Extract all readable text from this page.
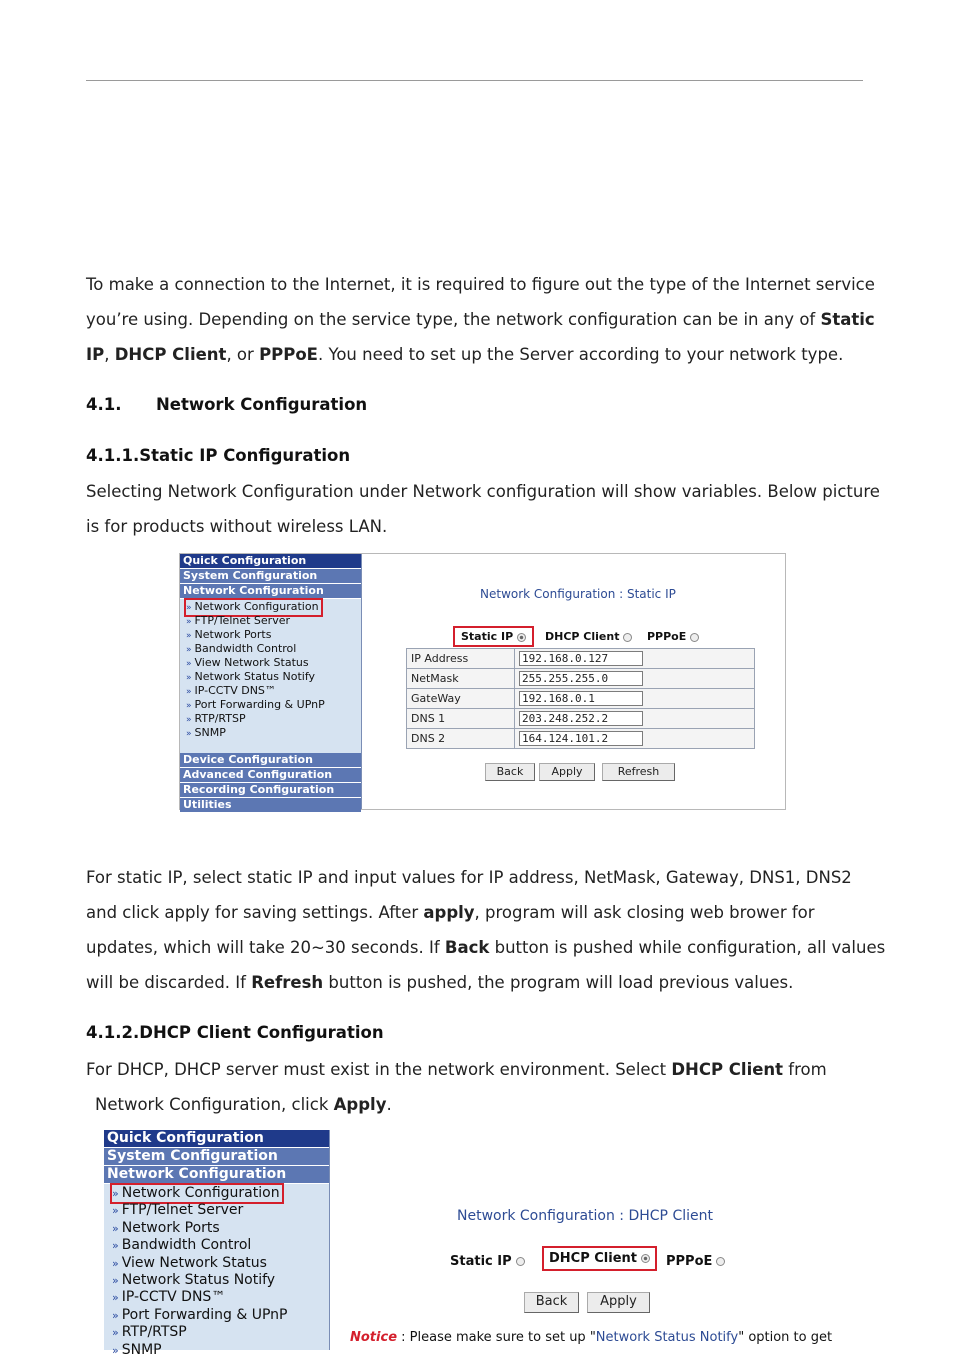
To make a connection to the Internet, it is required to figure out the type of the Internet service
you’re using. Depending on the service type, the network configuration can be in any of Static
IP, DHCP Client, or PPPoE. You need to set up the Server according to your network type.
4.1.      Network Configuration
4.1.1.Static IP Configuration
Selecting Network Configuration under Network configuration will show variables. Below picture
is for products without wireless LAN.
Quick Configuration
System Configuration
Network Configuration
» Network Configuration
» FTP/Telnet Server
» Network Ports
» Bandwidth Control
» View Network Status
» Network Status Notify
» IP-CCTV DNS™
» Port Forwarding & UPnP
» RTP/RTSP
» SNMP
Device Configuration
Advanced Configuration
Recording Configuration
Utilities
Network Configuration : Static IP
Static IP	DHCP Client	PPPoE
IP Address	192.168.0.127
NetMask	255.255.255.0
GateWay	192.168.0.1
DNS 1	203.248.252.2
DNS 2	164.124.101.2
Back	Apply	Refresh
For static IP, select static IP and input values for IP address, NetMask, Gateway, DNS1, DNS2
and click apply for saving settings. After apply, program will ask closing web brower for
updates, which will take 20~30 seconds. If Back button is pushed while configuration, all values
will be discarded. If Refresh button is pushed, the program will load previous values.
4.1.2.DHCP Client Configuration
For DHCP, DHCP server must exist in the network environment. Select DHCP Client from
Network Configuration, click Apply.
Quick Configuration
System Configuration
Network Configuration
» Network Configuration
» FTP/Telnet Server
» Network Ports
» Bandwidth Control
» View Network Status
» Network Status Notify
» IP-CCTV DNS™
» Port Forwarding & UPnP
» RTP/RTSP
» SNMP
Network Configuration : DHCP Client
Static IP	DHCP Client	PPPoE
Back	Apply
Notice : Please make sure to set up "Network Status Notify" option to get
